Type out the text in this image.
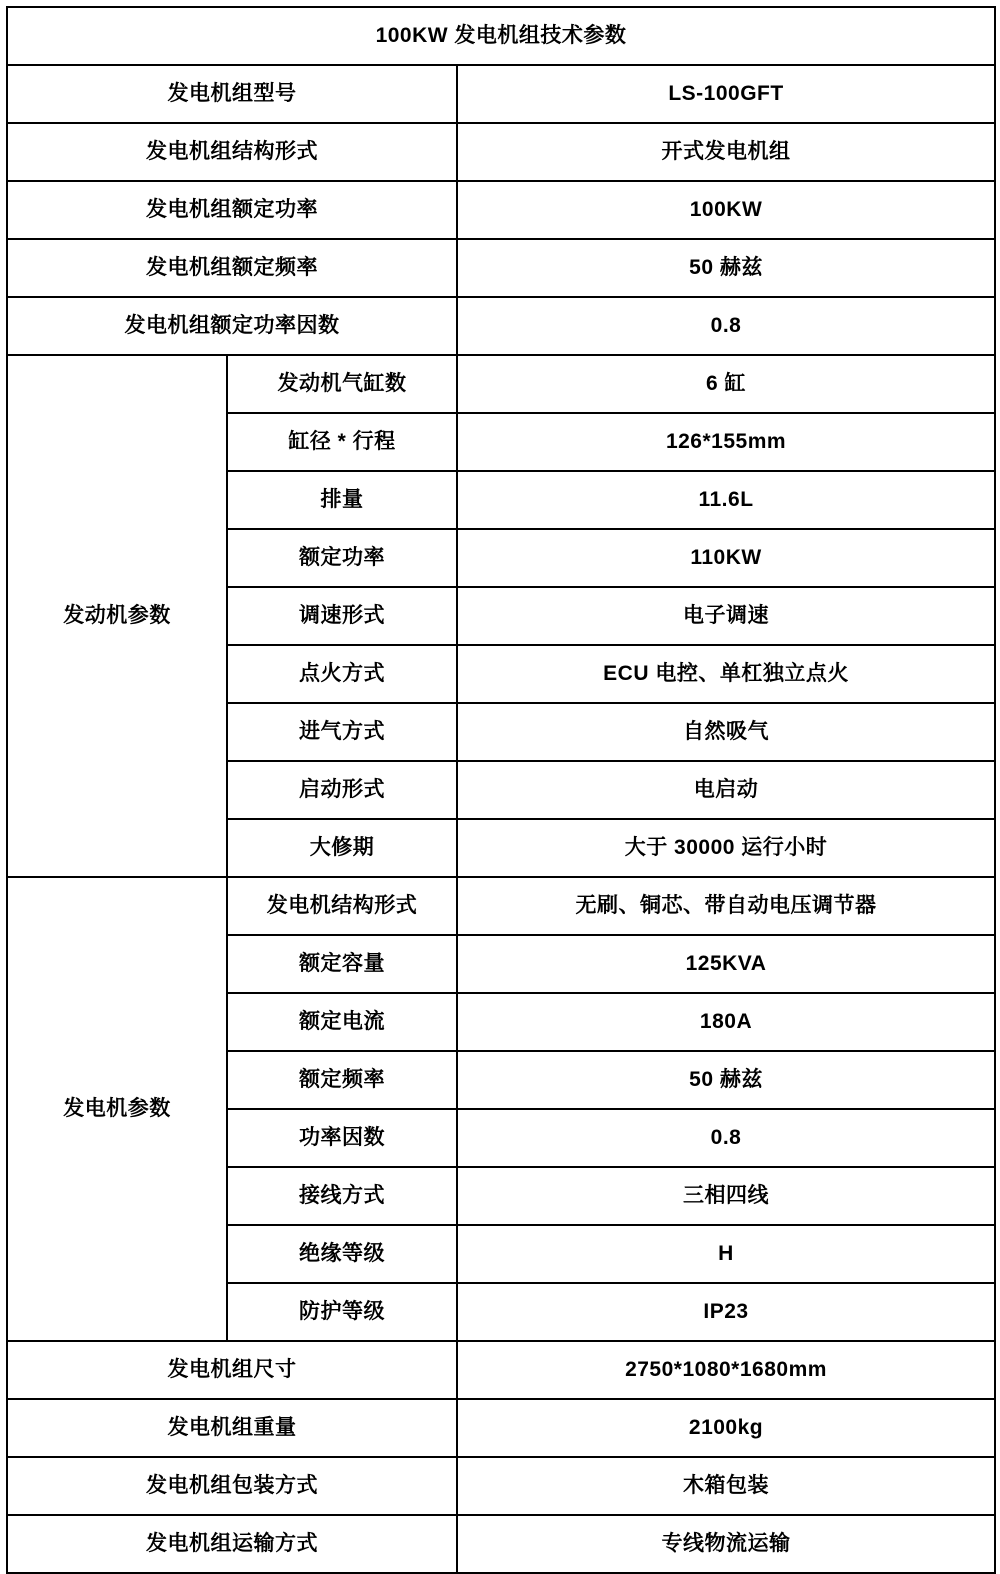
100KW 发电机组技术参数		
发电机组型号		LS-100GFT
发电机组结构形式		开式发电机组
发电机组额定功率		100KW
发电机组额定频率		50 赫兹
发电机组额定功率因数		0.8
发动机参数	发动机气缸数	6 缸
	缸径 * 行程	126*155mm
	排量	11.6L
	额定功率	110KW
	调速形式	电子调速
	点火方式	ECU 电控、单杠独立点火
	进气方式	自然吸气
	启动形式	电启动
	大修期	大于 30000 运行小时
发电机参数	发电机结构形式	无刷、铜芯、带自动电压调节器
	额定容量	125KVA
	额定电流	180A
	额定频率	50 赫兹
	功率因数	0.8
	接线方式	三相四线
	绝缘等级	H
	防护等级	IP23
发电机组尺寸		2750*1080*1680mm
发电机组重量		2100kg
发电机组包装方式		木箱包装
发电机组运输方式		专线物流运输
